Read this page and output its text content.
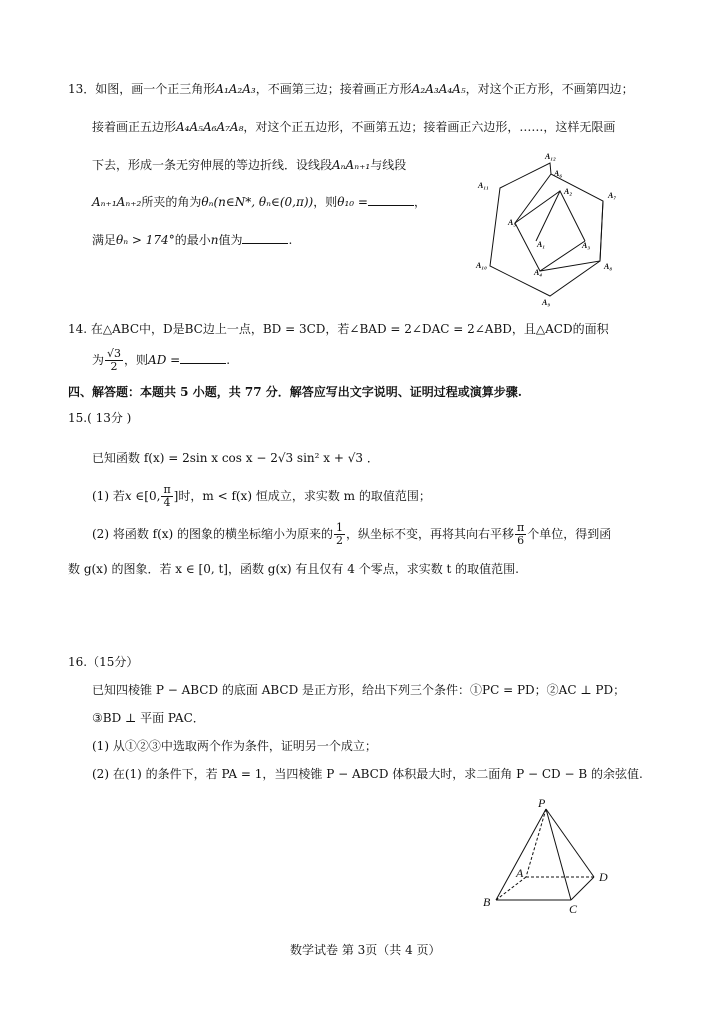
13．如图，画一个正三角形A₁A₂A₃，不画第三边；接着画正方形A₂A₃A₄A₅，对这个正方形，不画第四边；
接着画正五边形A₄A₅A₆A₇A₈，对这个正五边形，不画第五边；接着画正六边形，……，这样无限画
下去，形成一条无穷伸展的等边折线．设线段AₙAₙ₊₁与线段
Aₙ₊₁Aₙ₊₂所夹的角为θₙ(n∈N*, θₙ∈(0,π))，则θ₁₀ =	，
满足θₙ > 174°的最小n值为	.	A₁
A₂
A₃
A₄
A₅
A₆
A₇
A₈
A₉
A₁₀
A₁₁
A₁₂
14. 在△ABC中，D是BC边上一点，BD = 3CD，若∠BAD = 2∠DAC = 2∠ABD，且△ACD的面积
为 $\frac{√3}{2}$ ，则AD =	.
四、解答题：本题共 5 小题，共 77 分．解答应写出文字说明、证明过程或演算步骤.
15.( 13分 )
已知函数 f(x) = 2sin x cos x − 2√3 sin² x + √3 ．
(1) 若x ∈[0, $\frac{\pi}{4}$ ]时，m < f(x) 恒成立，求实数 m 的取值范围；
(2) 将函数 f(x) 的图象的横坐标缩小为原来的 $\frac{1}{2}$ ，纵坐标不变，再将其向右平移 $\frac{\pi}{6}$ 个单位，得到函
数 g(x) 的图象．若 x ∈ [0, t]，函数 g(x) 有且仅有 4 个零点，求实数 t 的取值范围.
16.（15分）
已知四棱锥 P − ABCD 的底面 ABCD 是正方形，给出下列三个条件：①PC = PD；②AC ⊥ PD；
③BD ⊥ 平面 PAC．
(1) 从①②③中选取两个作为条件，证明另一个成立；
(2) 在(1) 的条件下，若 PA = 1，当四棱锥 P − ABCD 体积最大时，求二面角 P − CD − B 的余弦值.
P
A
B	C
D
数学试卷 第 3页（共 4 页）
